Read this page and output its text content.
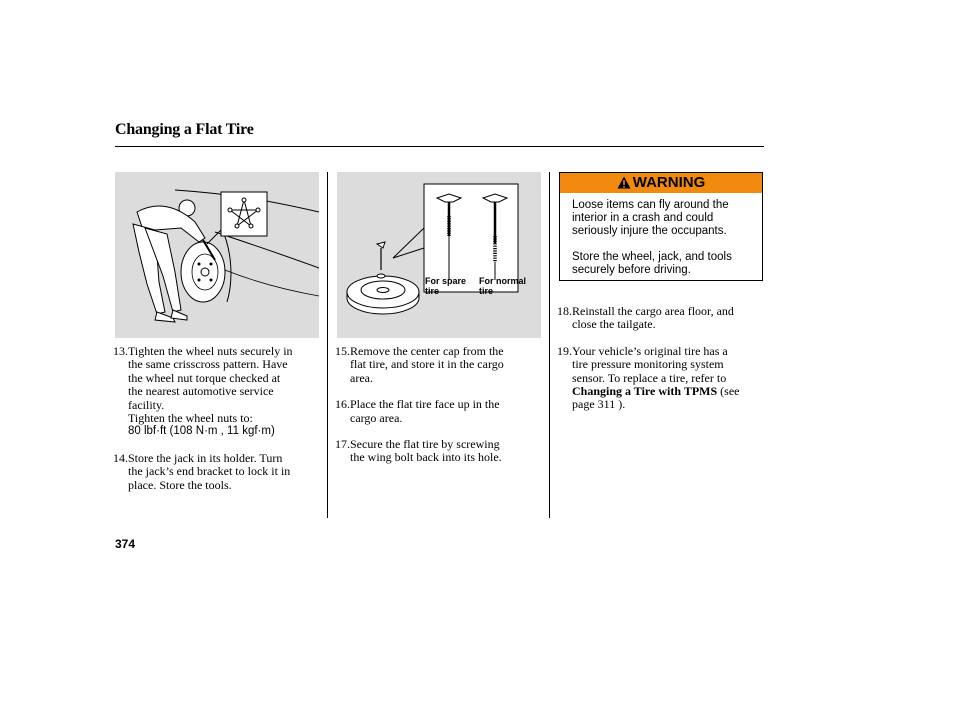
Changing a Flat Tire
For spare
tire
For normal
tire
WARNING

Loose items can fly around the interior in a crash and could seriously injure the occupants.

Store the wheel, jack, and tools securely before driving.

13. Tighten the wheel nuts securely in
the same crisscross pattern. Have
the wheel nut torque checked at
the nearest automotive service
facility.
Tighten the wheel nuts to:
80 lbf·ft (108 N·m , 11 kgf·m)
14. Store the jack in its holder. Turn
the jack’s end bracket to lock it in
place. Store the tools.
15. Remove the center cap from the
flat tire, and store it in the cargo
area.
16. Place the flat tire face up in the
cargo area.
17. Secure the flat tire by screwing
the wing bolt back into its hole.
18. Reinstall the cargo area floor, and
close the tailgate.
19. Your vehicle’s original tire has a
tire pressure monitoring system
sensor. To replace a tire, refer to
Changing a Tire with TPMS (see
page 311 ).
374
